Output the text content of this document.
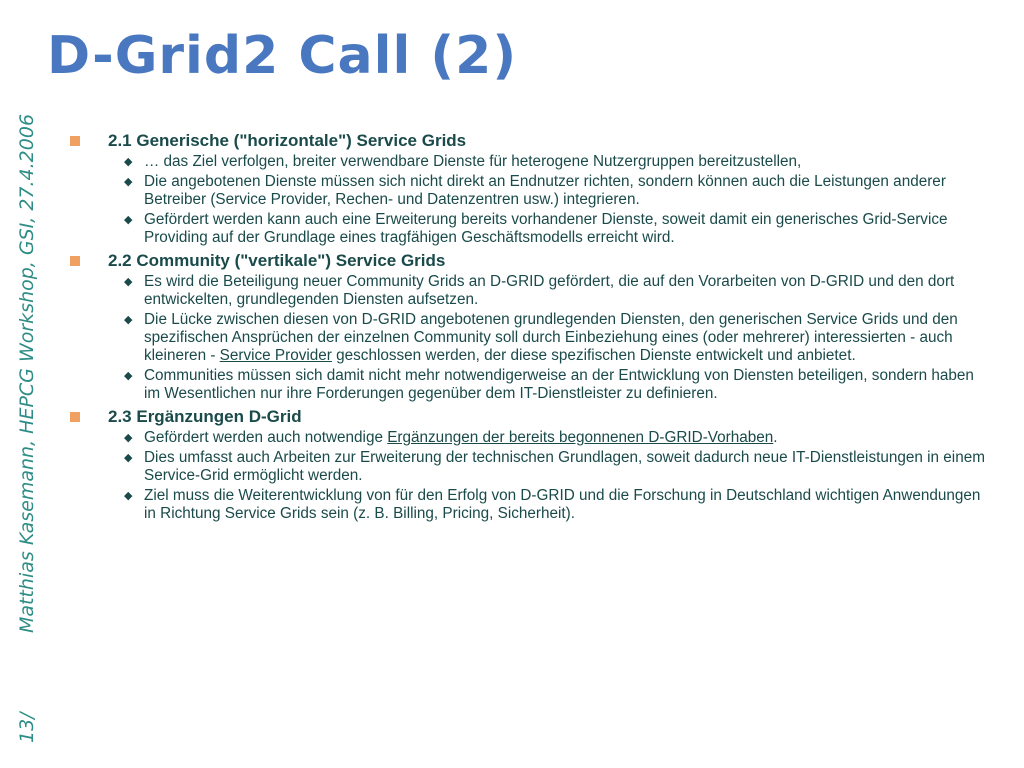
D-Grid2 Call (2)
13/Matthias Kasemann, HEPCG Workshop, GSI, 27.4.2006	2.1 Generische ("horizontale") Service Grids
◆ … das Ziel verfolgen, breiter verwendbare Dienste für heterogene Nutzergruppen bereitzustellen,
◆ Die angebotenen Dienste müssen sich nicht direkt an Endnutzer richten, sondern können auch die Leistungen anderer Betreiber (Service Provider, Rechen- und Datenzentren usw.) integrieren.
◆ Gefördert werden kann auch eine Erweiterung bereits vorhandener Dienste, soweit damit ein generisches Grid-Service Providing auf der Grundlage eines tragfähigen Geschäftsmodells erreicht wird.
2.2 Community ("vertikale") Service Grids
◆ Es wird die Beteiligung neuer Community Grids an D-GRID gefördert, die auf den Vorarbeiten von D-GRID und den dort entwickelten, grundlegenden Diensten aufsetzen.
◆ Die Lücke zwischen diesen von D-GRID angebotenen grundlegenden Diensten, den generischen Service Grids und den spezifischen Ansprüchen der einzelnen Community soll durch Einbeziehung eines (oder mehrerer) interessierten - auch kleineren - Service Provider geschlossen werden, der diese spezifischen Dienste entwickelt und anbietet.
◆ Communities müssen sich damit nicht mehr notwendigerweise an der Entwicklung von Diensten beteiligen, sondern haben im Wesentlichen nur ihre Forderungen gegenüber dem IT-Dienstleister zu definieren.
2.3 Ergänzungen D-Grid
◆ Gefördert werden auch notwendige Ergänzungen der bereits begonnenen D-GRID-Vorhaben.
◆ Dies umfasst auch Arbeiten zur Erweiterung der technischen Grundlagen, soweit dadurch neue IT-Dienstleistungen in einem Service-Grid ermöglicht werden.
◆ Ziel muss die Weiterentwicklung von für den Erfolg von D-GRID und die Forschung in Deutschland wichtigen Anwendungen in Richtung Service Grids sein (z. B. Billing, Pricing, Sicherheit).
